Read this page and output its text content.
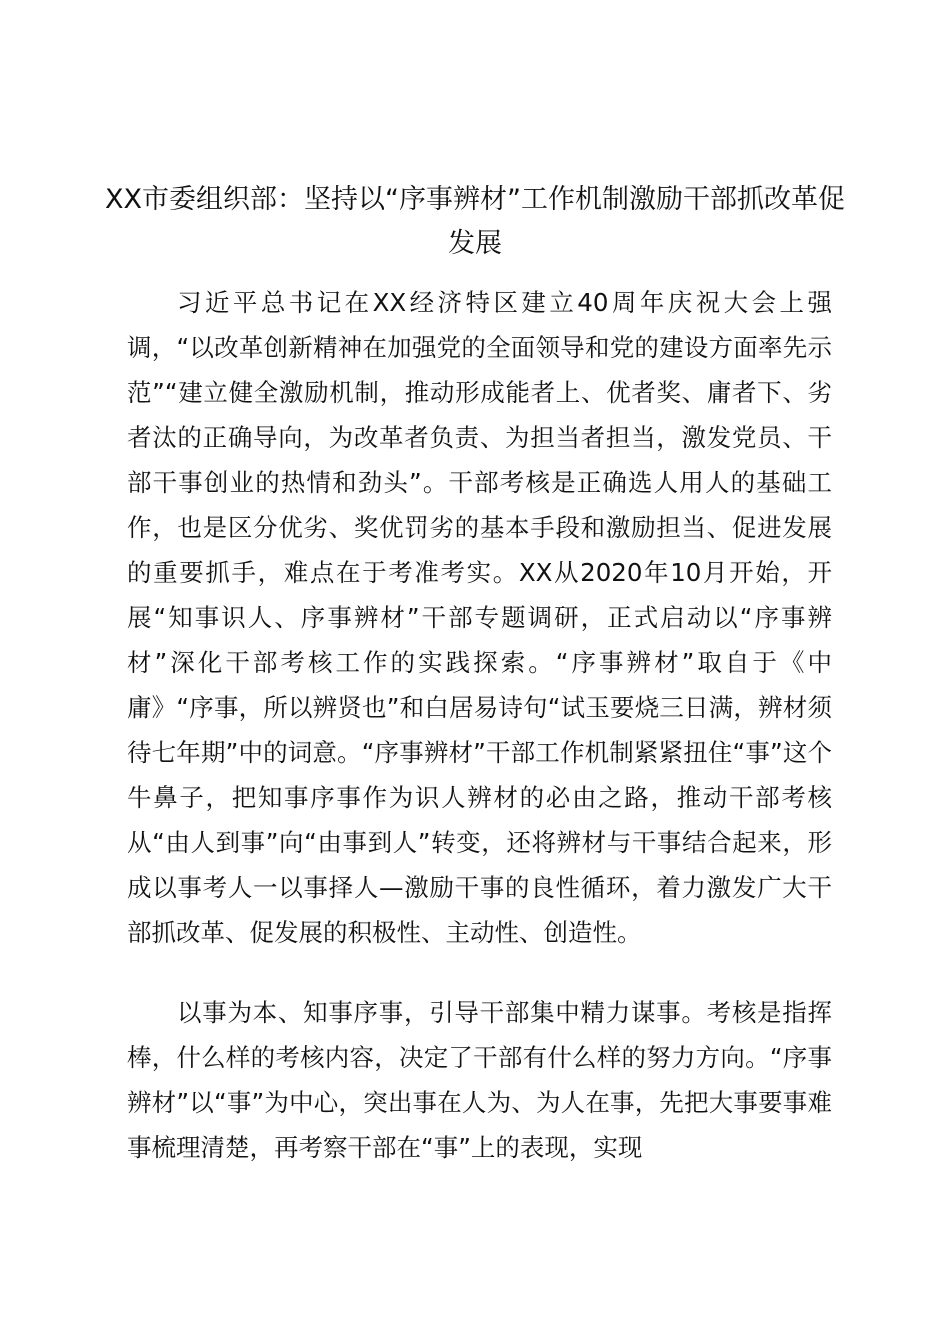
XX市委组织部：坚持以“序事辨材”工作机制激励干部抓改革促发展

习近平总书记在XX经济特区建立40周年庆祝大会上强调，“以改革创新精神在加强党的全面领导和党的建设方面率先示范”“建立健全激励机制，推动形成能者上、优者奖、庸者下、劣者汰的正确导向，为改革者负责、为担当者担当，激发党员、干部干事创业的热情和劲头”。干部考核是正确选人用人的基础工作，也是区分优劣、奖优罚劣的基本手段和激励担当、促进发展的重要抓手，难点在于考准考实。XX从2020年10月开始，开展“知事识人、序事辨材”干部专题调研，正式启动以“序事辨材”深化干部考核工作的实践探索。“序事辨材”取自于《中庸》“序事，所以辨贤也”和白居易诗句“试玉要烧三日满，辨材须待七年期”中的词意。“序事辨材”干部工作机制紧紧扭住“事”这个牛鼻子，把知事序事作为识人辨材的必由之路，推动干部考核从“由人到事”向“由事到人”转变，还将辨材与干事结合起来，形成以事考人一以事择人—激励干事的良性循环，着力激发广大干部抓改革、促发展的积极性、主动性、创造性。

以事为本、知事序事，引导干部集中精力谋事。考核是指挥棒，什么样的考核内容，决定了干部有什么样的努力方向。“序事辨材”以“事”为中心，突出事在人为、为人在事，先把大事要事难事梳理清楚，再考察干部在“事”上的表现，实现
